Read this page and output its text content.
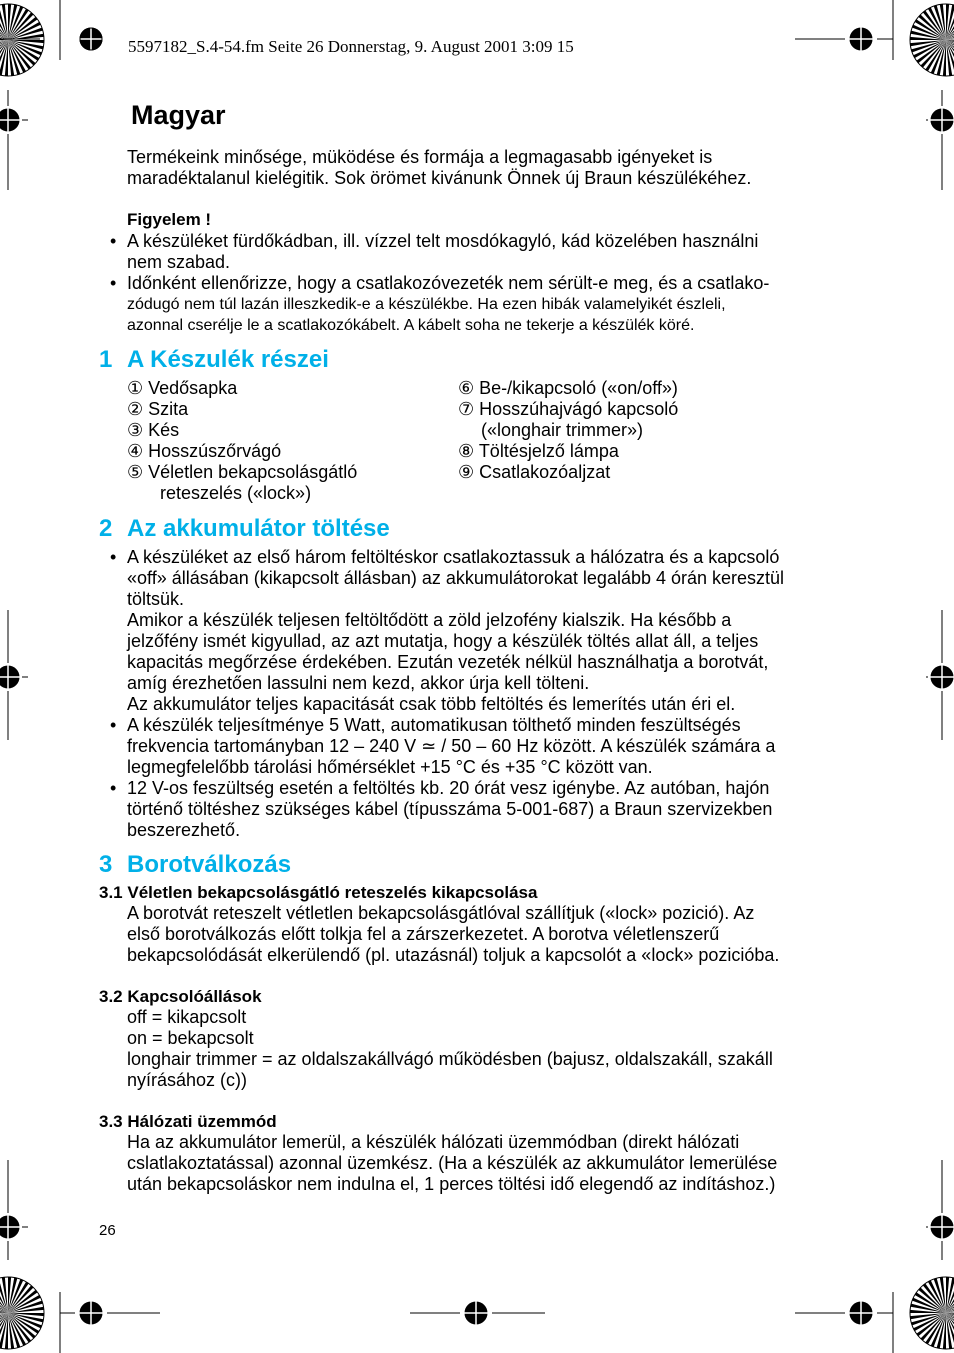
5597182_S.4-54.fm Seite 26 Donnerstag, 9. August 2001 3:09 15
Magyar
Termékeink minősége, müködése és formája a legmagasabb igényeket is
maradéktalanul kielégitik. Sok örömet kivánunk Önnek új Braun készülékéhez.
Figyelem !
• A készüléket fürdőkádban, ill. vízzel telt mosdókagyló, kád közelében használni
nem szabad.
• Időnként ellenőrizze, hogy a csatlakozóvezeték nem sérült-e meg, és a csatlako-
zódugó nem túl lazán illeszkedik-e a készülékbe. Ha ezen hibák valamelyikét észleli,
azonnal cserélje le a scatlakozókábelt. A kábelt soha ne tekerje a készülék köré.
1 A Készulék részei
① Vedősapka
② Szita
③ Kés
④ Hosszúszőrvágó
⑤ Véletlen bekapcsolásgátló
reteszelés («lock»)
⑥ Be-/kikapcsoló («on/off»)
⑦ Hosszúhajvágó kapcsoló
(«longhair trimmer»)
⑧ Töltésjelző lámpa
⑨ Csatlakozóaljzat
2 Az akkumulátor töltése
• A készüléket az első három feltöltéskor csatlakoztassuk a hálózatra és a kapcsoló
«off» állásában (kikapcsolt állásban) az akkumulátorokat legalább 4 órán keresztül
töltsük.
Amikor a készülék teljesen feltöltődött a zöld jelzofény kialszik. Ha később a
jelzőfény ismét kigyullad, az azt mutatja, hogy a készülék töltés allat áll, a teljes
kapacitás megőrzése érdekében. Ezután vezeték nélkül használhatja a borotvát,
amíg érezhetően lassulni nem kezd, akkor úrja kell tölteni.
Az akkumulátor teljes kapacitását csak több feltöltés és lemerítés után éri el.
• A készülék teljesítménye 5 Watt, automatikusan tölthető minden feszültségés
frekvencia tartományban 12 – 240 V ≃ / 50 – 60 Hz között. A készülék számára a
legmegfelelőbb tárolási hőmérséklet +15 °C és +35 °C között van.
• 12 V-os feszültség esetén a feltöltés kb. 20 órát vesz igénybe. Az autóban, hajón
történő töltéshez szükséges kábel (típusszáma 5-001-687) a Braun szervizekben
beszerezhető.
3 Borotválkozás
3.1 Véletlen bekapcsolásgátló reteszelés kikapcsolása
A borotvát reteszelt vétletlen bekapcsolásgátlóval szállítjuk («lock» pozició). Az
első borotválkozás előtt tolkja fel a zárszerkezetet. A borotva véletlenszerű
bekapcsolódását elkerülendő (pl. utazásnál) toljuk a kapcsolót a «lock» pozicióba.
3.2 Kapcsolóállások
off = kikapcsolt
on = bekapcsolt
longhair trimmer = az oldalszakállvágó működésben (bajusz, oldalszakáll, szakáll
nyírásához (c))
3.3 Hálózati üzemmód
Ha az akkumulátor lemerül, a készülék hálózati üzemmódban (direkt hálózati
cslatlakoztatással) azonnal üzemkész. (Ha a készülék az akkumulátor lemerülése
után bekapcsoláskor nem indulna el, 1 perces töltési idő elegendő az indításhoz.)
26
